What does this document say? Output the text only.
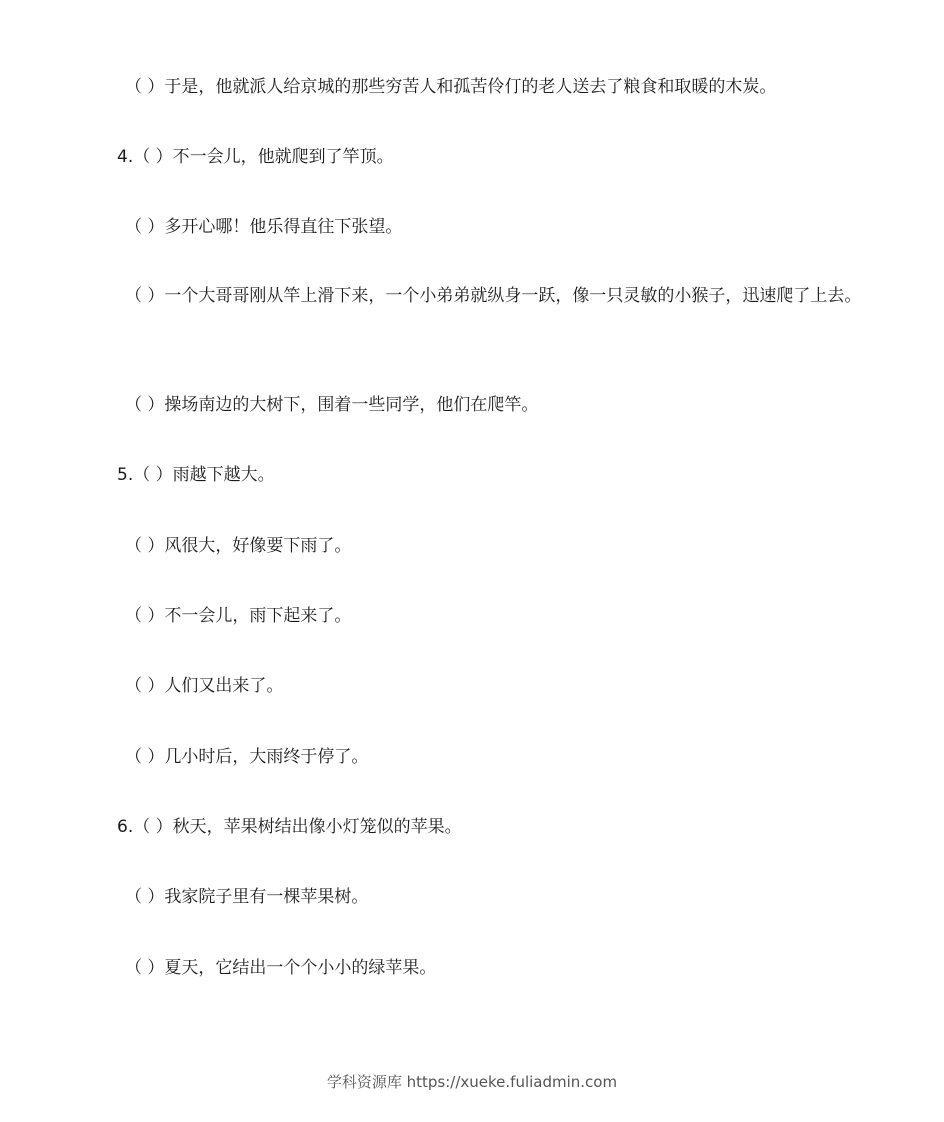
（ ）于是，他就派人给京城的那些穷苦人和孤苦伶仃的老人送去了粮食和取暖的木炭。
4.（ ）不一会儿，他就爬到了竿顶。
（ ）多开心哪！他乐得直往下张望。
（ ）一个大哥哥刚从竿上滑下来，一个小弟弟就纵身一跃，像一只灵敏的小猴子，迅速爬了上去。
（ ）操场南边的大树下，围着一些同学，他们在爬竿。
5.（ ）雨越下越大。
（ ）风很大，好像要下雨了。
（ ）不一会儿，雨下起来了。
（ ）人们又出来了。
（ ）几小时后，大雨终于停了。
6.（ ）秋天，苹果树结出像小灯笼似的苹果。
（ ）我家院子里有一棵苹果树。
（ ）夏天，它结出一个个小小的绿苹果。
学科资源库 https://xueke.fuliadmin.com
